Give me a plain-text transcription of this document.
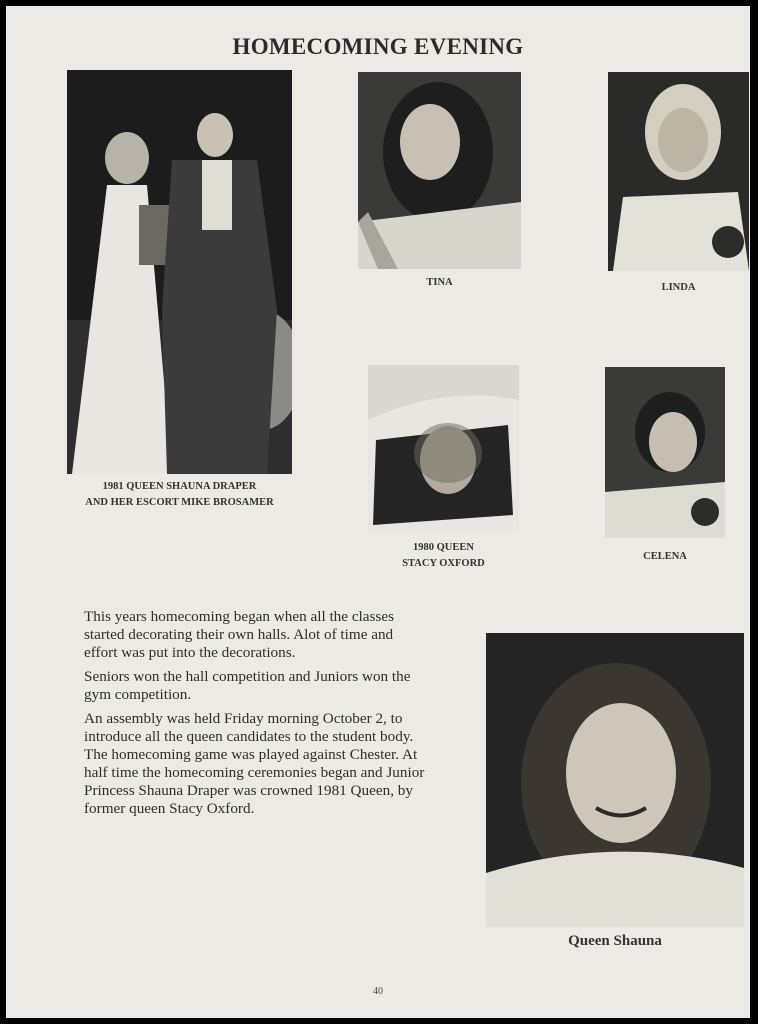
HOMECOMING EVENING
1981 QUEEN SHAUNA DRAPER
AND HER ESCORT MIKE BROSAMER
TINA	LINDA
1980 QUEEN
STACY OXFORD
CELENA

This years homecoming began when all the classes started decorating their own halls. Alot of time and effort was put into the decorations.

Seniors won the hall competition and Juniors won the gym competition.

An assembly was held Friday morning October 2, to introduce all the queen candidates to the student body. The homecoming game was played against Chester. At half time the homecoming ceremonies began and Junior Princess Shauna Draper was crowned 1981 Queen, by former queen Stacy Oxford.

Queen Shauna
40
